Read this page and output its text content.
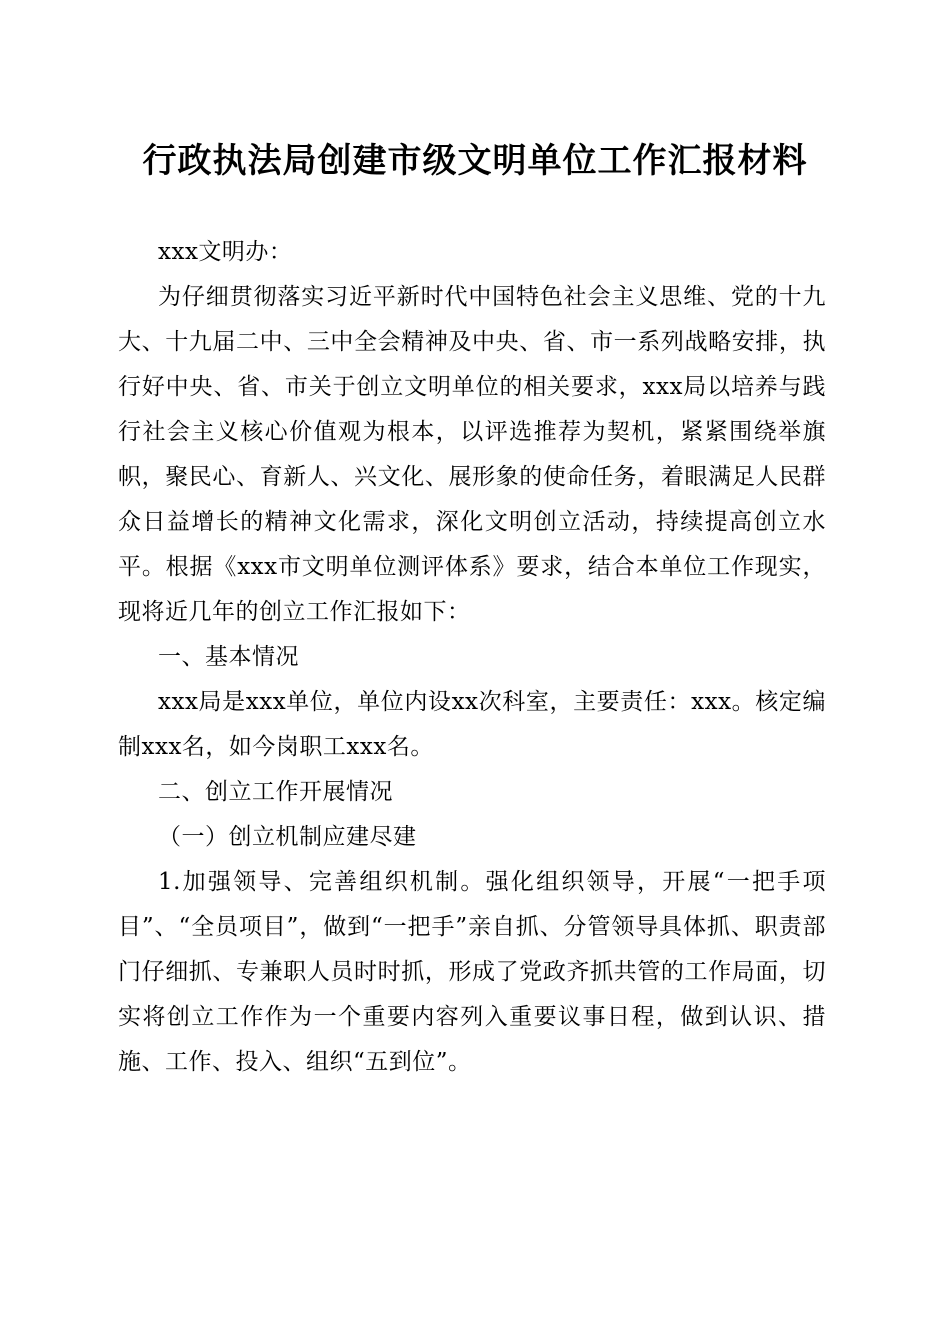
行政执法局创建市级文明单位工作汇报材料

xxx文明办：

为仔细贯彻落实习近平新时代中国特色社会主义思维、党的十九大、十九届二中、三中全会精神及中央、省、市一系列战略安排，执行好中央、省、市关于创立文明单位的相关要求，xxx局以培养与践行社会主义核心价值观为根本，以评选推荐为契机，紧紧围绕举旗帜，聚民心、育新人、兴文化、展形象的使命任务，着眼满足人民群众日益增长的精神文化需求，深化文明创立活动，持续提高创立水平。根据《xxx市文明单位测评体系》要求，结合本单位工作现实，现将近几年的创立工作汇报如下：

一、基本情况

xxx局是xxx单位，单位内设xx次科室，主要责任：xxx。核定编制xxx名，如今岗职工xxx名。

二、创立工作开展情况

（一）创立机制应建尽建

1.加强领导、完善组织机制。强化组织领导，开展“一把手项目”、“全员项目”，做到“一把手”亲自抓、分管领导具体抓、职责部门仔细抓、专兼职人员时时抓，形成了党政齐抓共管的工作局面，切实将创立工作作为一个重要内容列入重要议事日程，做到认识、措施、工作、投入、组织“五到位”。
